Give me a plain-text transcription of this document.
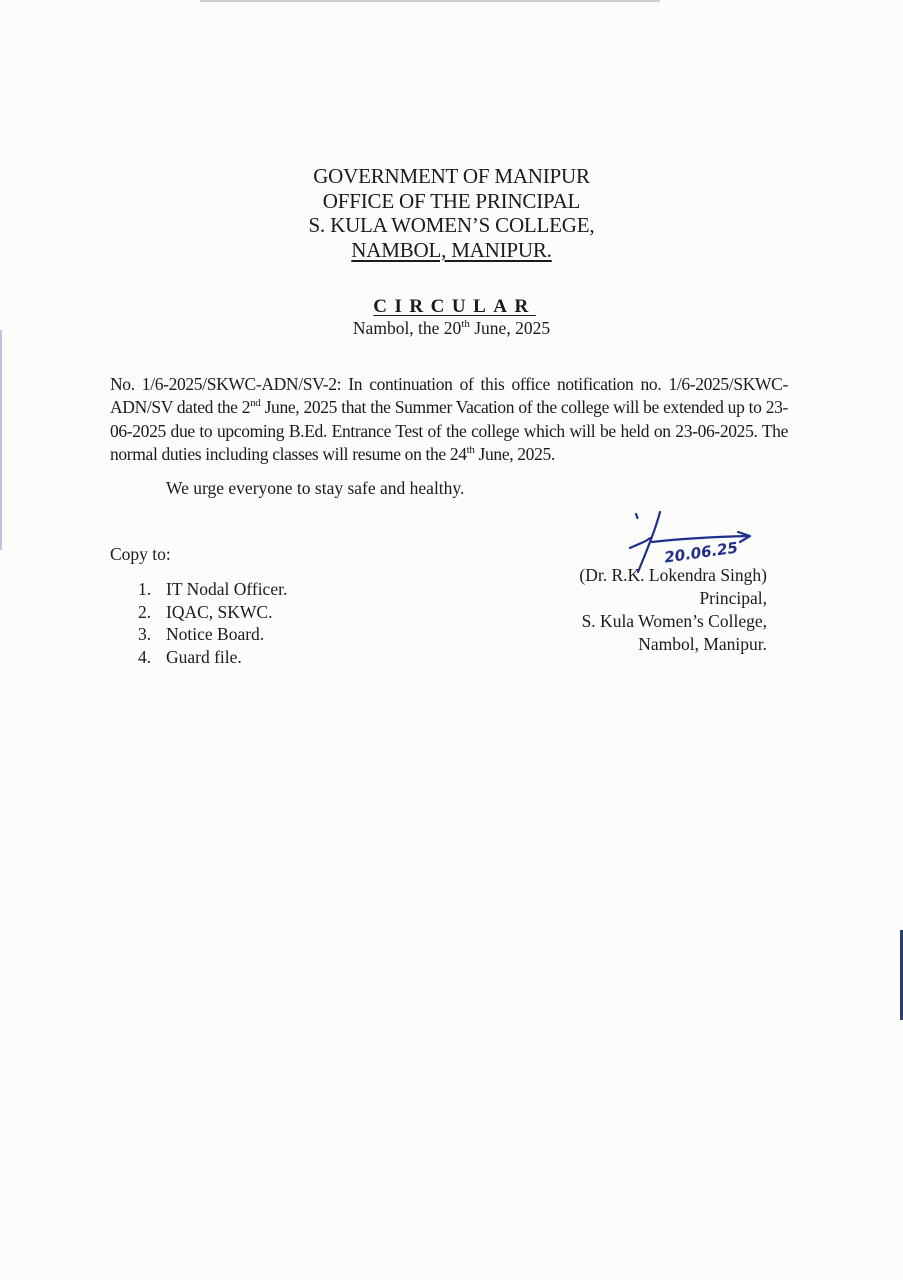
GOVERNMENT OF MANIPUR
OFFICE OF THE PRINCIPAL
S. KULA WOMEN’S COLLEGE,
NAMBOL, MANIPUR.
CIRCULAR
Nambol, the 20th June, 2025
No. 1/6-2025/SKWC-ADN/SV-2: In continuation of this office notification no. 1/6-2025/SKWC-ADN/SV dated the 2nd June, 2025 that the Summer Vacation of the college will be extended up to 23-06-2025 due to upcoming B.Ed. Entrance Test of the college which will be held on 23-06-2025. The normal duties including classes will resume on the 24th June, 2025.
We urge everyone to stay safe and healthy.
Copy to:
1. IT Nodal Officer.
2. IQAC, SKWC.
3. Notice Board.
4. Guard file.
20.06.25
(Dr. R.K. Lokendra Singh)
Principal,
S. Kula Women’s College,
Nambol, Manipur.
